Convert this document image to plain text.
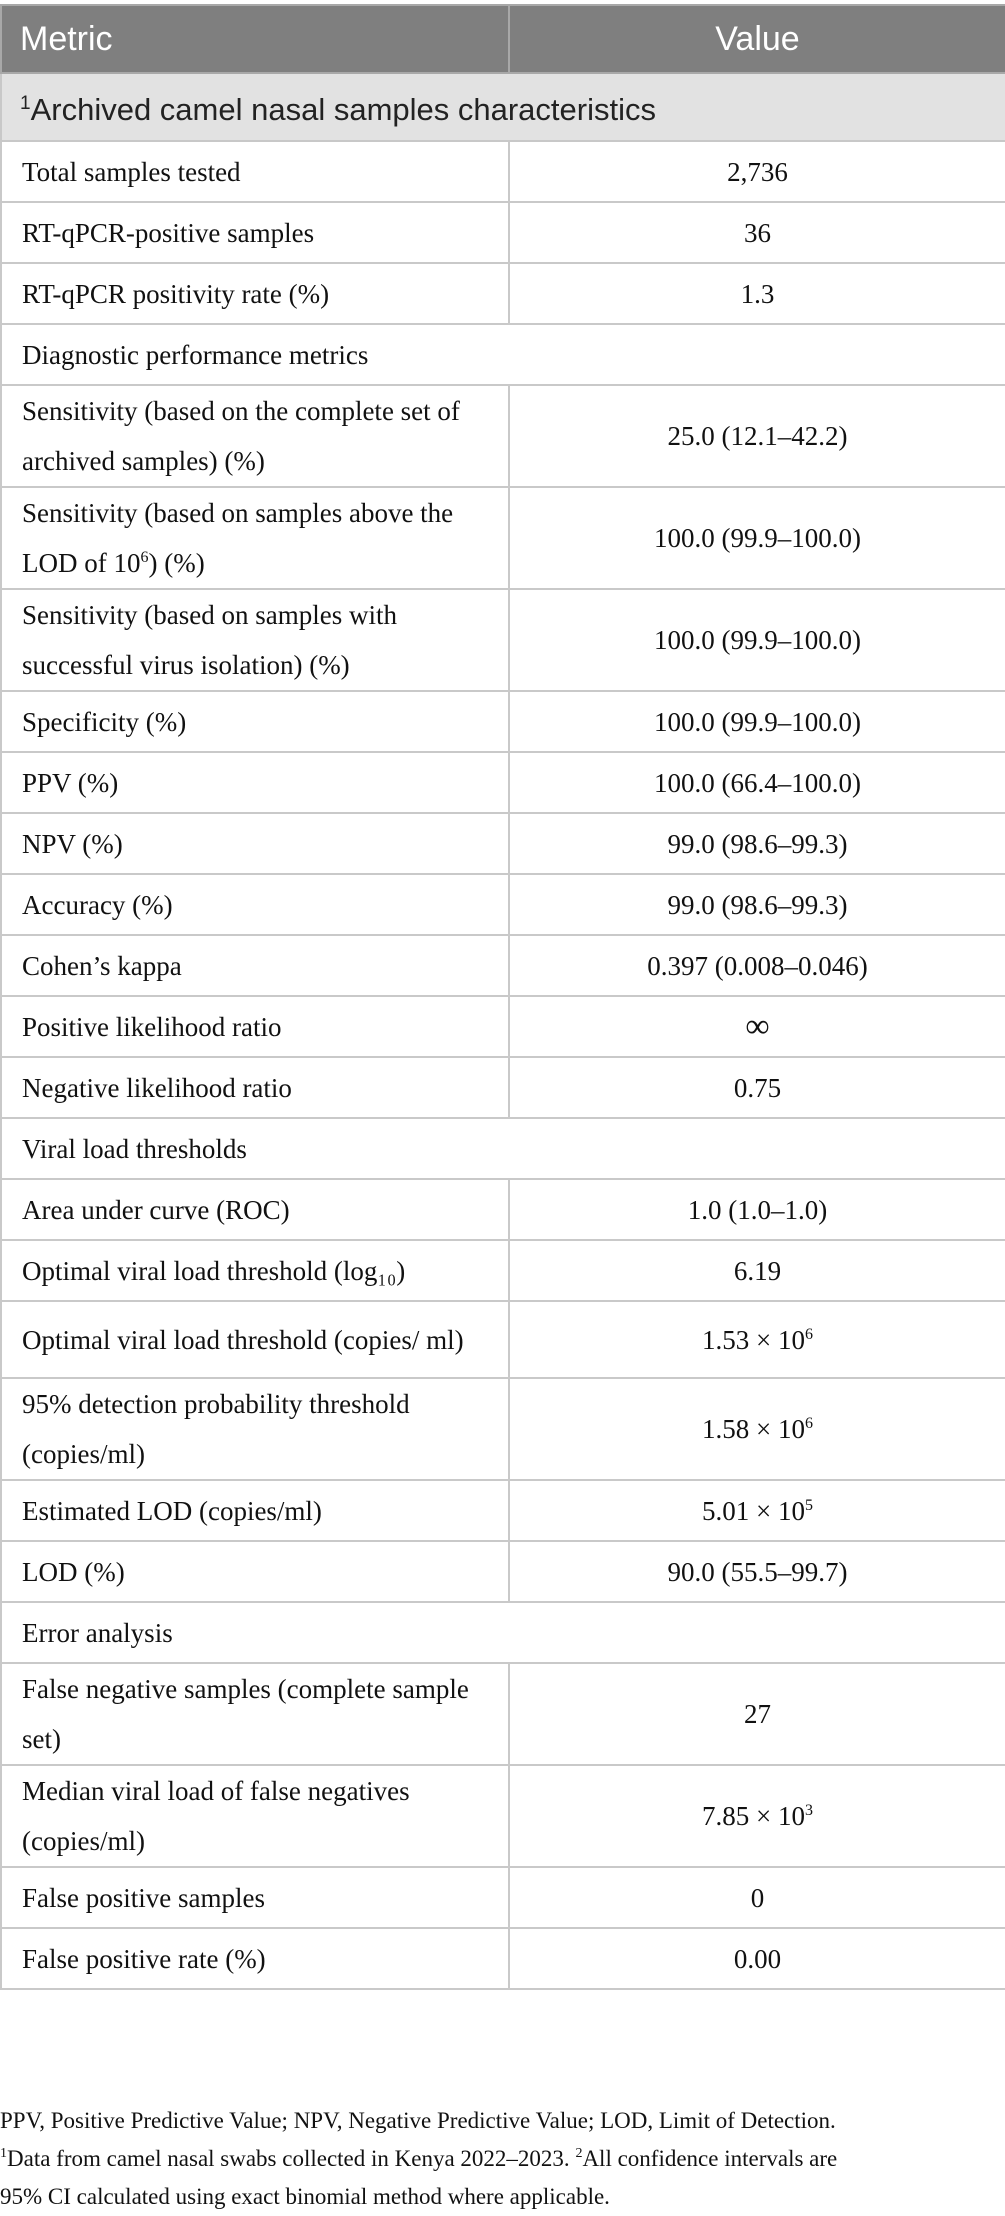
Metric	Value
$^1$Archived camel nasal samples characteristics	
Total samples tested	2,736
RT-qPCR-positive samples	36
RT-qPCR positivity rate (%)	1.3
Diagnostic performance metrics	
Sensitivity (based on the complete set of archived samples) (%)	25.0 (12.1–42.2)
Sensitivity (based on samples above the LOD of $10^6$) (%)	100.0 (99.9–100.0)
Sensitivity (based on samples with successful virus isolation) (%)	100.0 (99.9–100.0)
Specificity (%)	100.0 (99.9–100.0)
PPV (%)	100.0 (66.4–100.0)
NPV (%)	99.0 (98.6–99.3)
Accuracy (%)	99.0 (98.6–99.3)
Cohen’s kappa	0.397 (0.008–0.046)
Positive likelihood ratio	∞
Negative likelihood ratio	0.75
Viral load thresholds	
Area under curve (ROC)	1.0 (1.0–1.0)
Optimal viral load threshold (log₁₀)	6.19
Optimal viral load threshold (copies/ ml)	$1.53 \times 10^6$
95% detection probability threshold (copies/ml)	$1.58 \times 10^6$
Estimated LOD (copies/ml)	$5.01 \times 10^5$
LOD (%)	90.0 (55.5–99.7)
Error analysis	
False negative samples (complete sample set)	27
Median viral load of false negatives (copies/ml)	$7.85 \times 10^3$
False positive samples	0
False positive rate (%)	0.00

PPV, Positive Predictive Value; NPV, Negative Predictive Value; LOD, Limit of Detection.

$^1$Data from camel nasal swabs collected in Kenya 2022–2023. $^2$All confidence intervals are

95% CI calculated using exact binomial method where applicable.
